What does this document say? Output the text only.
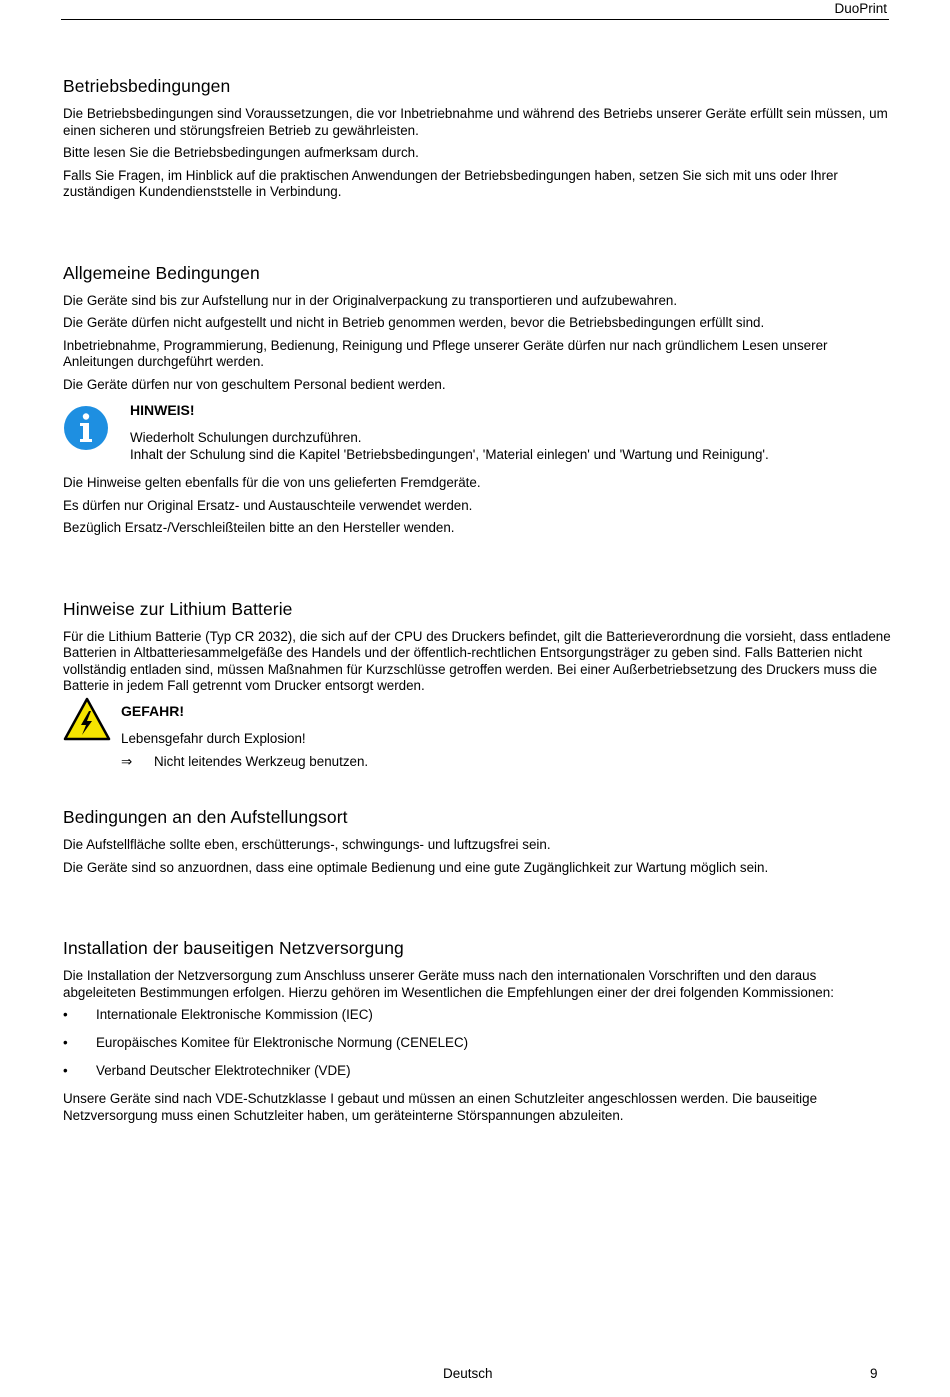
DuoPrint
Betriebsbedingungen

Die Betriebsbedingungen sind Voraussetzungen, die vor Inbetriebnahme und während des Betriebs unserer Geräte erfüllt sein müssen, um einen sicheren und störungsfreien Betrieb zu gewährleisten.

Bitte lesen Sie die Betriebsbedingungen aufmerksam durch.

Falls Sie Fragen, im Hinblick auf die praktischen Anwendungen der Betriebsbedingungen haben, setzen Sie sich mit uns oder Ihrer zuständigen Kundendienststelle in Verbindung.

Allgemeine Bedingungen

Die Geräte sind bis zur Aufstellung nur in der Originalverpackung zu transportieren und aufzubewahren.

Die Geräte dürfen nicht aufgestellt und nicht in Betrieb genommen werden, bevor die Betriebsbedingungen erfüllt sind.

Inbetriebnahme, Programmierung, Bedienung, Reinigung und Pflege unserer Geräte dürfen nur nach gründlichem Lesen unserer Anleitungen durchgeführt werden.

Die Geräte dürfen nur von geschultem Personal bedient werden.

HINWEIS!

Wiederholt Schulungen durchzuführen.

Inhalt der Schulung sind die Kapitel 'Betriebsbedingungen', 'Material einlegen' und 'Wartung und Reinigung'.

Die Hinweise gelten ebenfalls für die von uns gelieferten Fremdgeräte.

Es dürfen nur Original Ersatz- und Austauschteile verwendet werden.

Bezüglich Ersatz-/Verschleißteilen bitte an den Hersteller wenden.

Hinweise zur Lithium Batterie

Für die Lithium Batterie (Typ CR 2032), die sich auf der CPU des Druckers befindet, gilt die Batterieverordnung die vorsieht, dass entladene Batterien in Altbatteriesammelgefäße des Handels und der öffentlich-rechtlichen Entsorgungsträger zu geben sind. Falls Batterien nicht vollständig entladen sind, müssen Maßnahmen für Kurzschlüsse getroffen werden. Bei einer Außerbetriebsetzung des Druckers muss die Batterie in jedem Fall getrennt vom Drucker entsorgt werden.

GEFAHR!

Lebensgefahr durch Explosion!

⇒ Nicht leitendes Werkzeug benutzen.
Bedingungen an den Aufstellungsort

Die Aufstellfläche sollte eben, erschütterungs-, schwingungs- und luftzugsfrei sein.

Die Geräte sind so anzuordnen, dass eine optimale Bedienung und eine gute Zugänglichkeit zur Wartung möglich sein.

Installation der bauseitigen Netzversorgung

Die Installation der Netzversorgung zum Anschluss unserer Geräte muss nach den internationalen Vorschriften und den daraus abgeleiteten Bestimmungen erfolgen. Hierzu gehören im Wesentlichen die Empfehlungen einer der drei folgenden Kommissionen:

• Internationale Elektronische Kommission (IEC)
• Europäisches Komitee für Elektronische Normung (CENELEC)
• Verband Deutscher Elektrotechniker (VDE)

Unsere Geräte sind nach VDE-Schutzklasse I gebaut und müssen an einen Schutzleiter angeschlossen werden. Die bauseitige Netzversorgung muss einen Schutzleiter haben, um geräteinterne Störspannungen abzuleiten.

Deutsch	9
